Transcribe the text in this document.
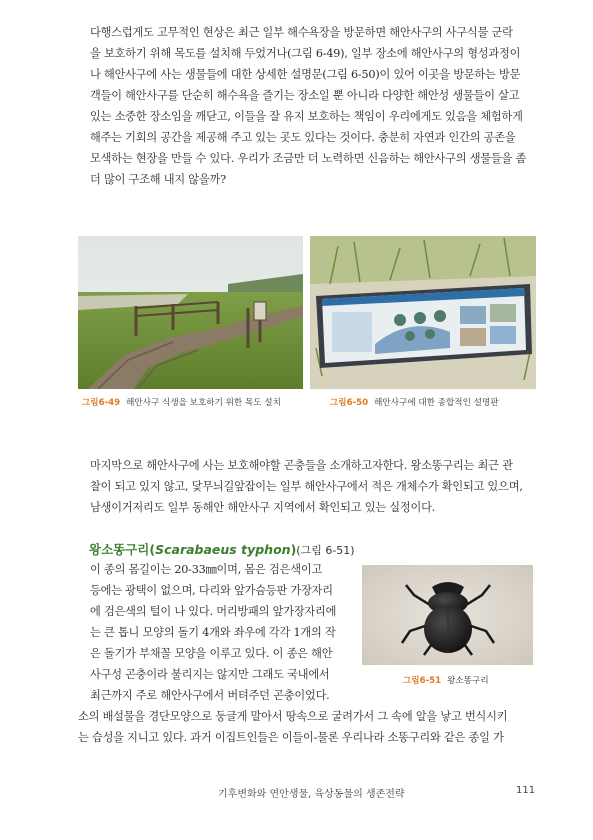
다행스럽게도 고무적인 현상은 최근 일부 해수욕장을 방문하면 해안사구의 사구식물 군락
을 보호하기 위해 목도를 설치해 두었거나(그림 6-49), 일부 장소에 해안사구의 형성과정이
나 해안사구에 사는 생물들에 대한 상세한 설명문(그림 6-50)이 있어 이곳을 방문하는 방문
객들이 해안사구를 단순히 해수욕을 즐기는 장소일 뿐 아니라 다양한 해안성 생물들이 살고
있는 소중한 장소임을 깨닫고, 이들을 잘 유지 보호하는 책임이 우리에게도 있음을 체험하게
해주는 기회의 공간을 제공해 주고 있는 곳도 있다는 것이다. 충분히 자연과 인간의 공존을
모색하는 현장을 만들 수 있다. 우리가 조금만 더 노력하면 신음하는 해안사구의 생물들을 좀
더 많이 구조해 내지 않을까?

그림6-49 해안사구 식생을 보호하기 위한 목도 설치	그림6-50 해안사구에 대한 종합적인 설명판

마지막으로 해안사구에 사는 보호해야할 곤충들을 소개하고자한다. 왕소똥구리는 최근 관
찰이 되고 있지 않고, 닻무늬길앞잡이는 일부 해안사구에서 적은 개체수가 확인되고 있으며,
남생이거저리도 일부 동해안 해안사구 지역에서 확인되고 있는 실정이다.

왕소똥구리(Scarabaeus typhon)(그림 6-51)

이 종의 몸길이는 20-33㎜이며, 몸은 검은색이고
등에는 광택이 없으며, 다리와 앞가슴등판 가장자리
에 검은색의 털이 나 있다. 머리방패의 앞가장자리에
는 큰 톱니 모양의 돌기 4개와 좌우에 각각 1개의 작
은 돌기가 부채꼴 모양을 이루고 있다. 이 종은 해안
사구성 곤충이라 불리지는 않지만 그래도 국내에서
최근까지 주로 해안사구에서 버텨주던 곤충이었다.

그림6-51 왕소똥구리

소의 배설물을 경단모양으로 둥글게 말아서 땅속으로 굴려가서 그 속에 알을 낳고 번식시키
는 습성을 지니고 있다. 과거 이집트인들은 이들이-물론 우리나라 소똥구리와 같은 종일 가

기후변화와 연안생물, 육상동물의 생존전략	111
